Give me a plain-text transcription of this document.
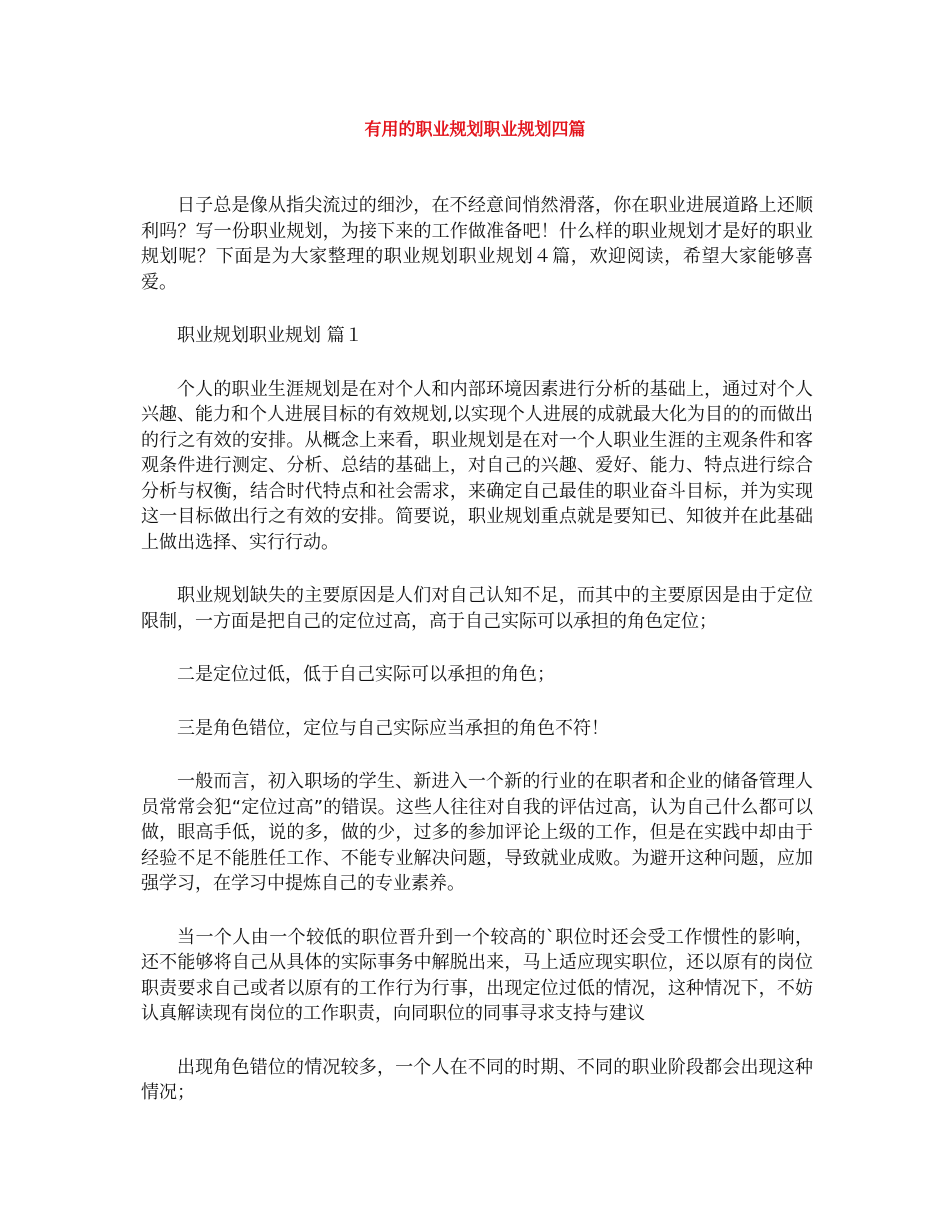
有用的职业规划职业规划四篇

日子总是像从指尖流过的细沙，在不经意间悄然滑落，你在职业进展道路上还顺利吗？写一份职业规划，为接下来的工作做准备吧！什么样的职业规划才是好的职业规划呢？下面是为大家整理的职业规划职业规划４篇，欢迎阅读，希望大家能够喜爱。

职业规划职业规划 篇１

个人的职业生涯规划是在对个人和内部环境因素进行分析的基础上，通过对个人兴趣、能力和个人进展目标的有效规划,以实现个人进展的成就最大化为目的的而做出的行之有效的安排。从概念上来看，职业规划是在对一个人职业生涯的主观条件和客观条件进行测定、分析、总结的基础上，对自己的兴趣、爱好、能力、特点进行综合分析与权衡，结合时代特点和社会需求，来确定自己最佳的职业奋斗目标，并为实现这一目标做出行之有效的安排。简要说，职业规划重点就是要知已、知彼并在此基础上做出选择、实行行动。

职业规划缺失的主要原因是人们对自己认知不足，而其中的主要原因是由于定位限制，一方面是把自己的定位过高，高于自己实际可以承担的角色定位；

二是定位过低，低于自己实际可以承担的角色；

三是角色错位，定位与自己实际应当承担的角色不符！

一般而言，初入职场的学生、新进入一个新的行业的在职者和企业的储备管理人员常常会犯“定位过高”的错误。这些人往往对自我的评估过高，认为自己什么都可以做，眼高手低，说的多，做的少，过多的参加评论上级的工作，但是在实践中却由于经验不足不能胜任工作、不能专业解决问题，导致就业成败。为避开这种问题，应加强学习，在学习中提炼自己的专业素养。

当一个人由一个较低的职位晋升到一个较高的`职位时还会受工作惯性的影响，还不能够将自己从具体的实际事务中解脱出来，马上适应现实职位，还以原有的岗位职责要求自己或者以原有的工作行为行事，出现定位过低的情况，这种情况下，不妨认真解读现有岗位的工作职责，向同职位的同事寻求支持与建议

出现角色错位的情况较多，一个人在不同的时期、不同的职业阶段都会出现这种情况；
